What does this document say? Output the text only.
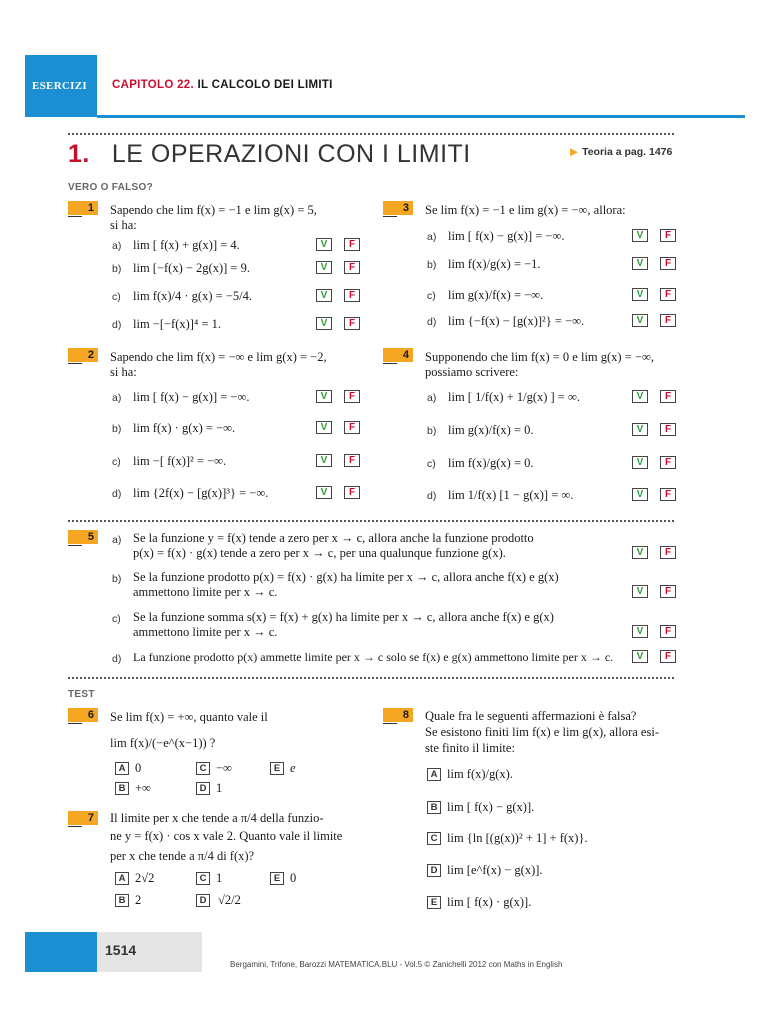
ESERCIZI CAPITOLO 22. IL CALCOLO DEI LIMITI
1. LE OPERAZIONI CON I LIMITI	▶ Teoria a pag. 1476
VERO O FALSO?
1	Sapendo che lim f(x) = −1 e lim g(x) = 5,
si ha:
a) lim [ f(x) + g(x)] = 4.	V	F
b) lim [−f(x) − 2g(x)] = 9.	V	F
c) lim f(x)/4 · g(x) = −5/4.	V	F
d) lim −[−f(x)]⁴ = 1.	V	F
3	Se lim f(x) = −1 e lim g(x) = −∞, allora:
a) lim [ f(x) − g(x)] = −∞.	V	F
b) lim f(x)/g(x) = −1.	V	F
c) lim g(x)/f(x) = −∞.	V	F
d) lim {−f(x) − [g(x)]²} = −∞.	V	F
2	Sapendo che lim f(x) = −∞ e lim g(x) = −2,
si ha:
a) lim [ f(x) − g(x)] = −∞.	V	F
b) lim f(x) · g(x) = −∞.	V	F
c) lim −[ f(x)]² = −∞.	V	F
d) lim {2f(x) − [g(x)]³} = −∞.	V	F
4	Supponendo che lim f(x) = 0 e lim g(x) = −∞,
possiamo scrivere:
a) lim [ 1/f(x) + 1/g(x) ] = ∞.	V	F
b) lim g(x)/f(x) = 0.	V	F
c) lim f(x)/g(x) = 0.	V	F
d) lim 1/f(x) [1 − g(x)] = ∞.	V	F
5	a) Se la funzione y = f(x) tende a zero per x → c, allora anche la funzione prodotto
p(x) = f(x) · g(x) tende a zero per x → c, per una qualunque funzione g(x).	V	F
b) Se la funzione prodotto p(x) = f(x) · g(x) ha limite per x → c, allora anche f(x) e g(x)
ammettono limite per x → c.	V	F
c) Se la funzione somma s(x) = f(x) + g(x) ha limite per x → c, allora anche f(x) e g(x)
ammettono limite per x → c.	V	F
d) La funzione prodotto p(x) ammette limite per x → c solo se f(x) e g(x) ammettono limite per x → c.	V	F
TEST
6	Se lim f(x) = +∞, quanto vale il
lim f(x)/(−e^(x−1)) ?
A 0	C −∞	E e
B +∞	D 1
7	Il limite per x che tende a π/4 della funzio-
ne y = f(x) · cos x vale 2. Quanto vale il limite
per x che tende a π/4 di f(x)?
A 2√2	C 1	E 0
B 2	D √2/2
8	Quale fra le seguenti affermazioni è falsa?
Se esistono finiti lim f(x) e lim g(x), allora esi-
ste finito il limite:
A lim f(x)/g(x).
B lim [ f(x) − g(x)].
C lim {ln [(g(x))² + 1] + f(x)}.
D lim [e^f(x) − g(x)].
E lim [ f(x) · g(x)].
1514
Bergamini, Trifone, Barozzi MATEMATICA.BLU - Vol.5 © Zanichelli 2012 con Maths in English
